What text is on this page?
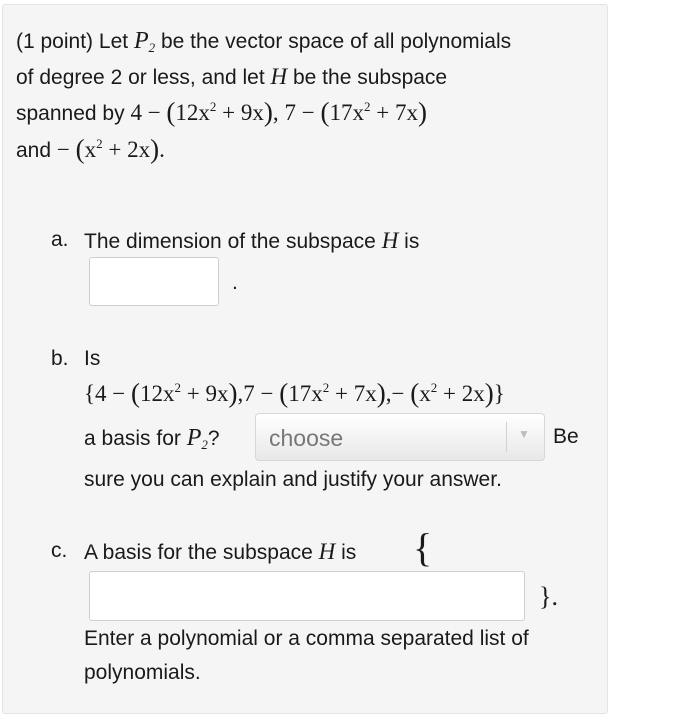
(1 point) Let $P_2$ be the vector space of all polynomials
of degree 2 or less, and let H be the subspace
spanned by $4 - (12x^2 + 9x)$, $7 - (17x^2 + 7x)$
and − $(x^2 + 2x)$.
a. The dimension of the subspace H is
.
b. Is
$\{4 - (12x^2 + 9x),7 - (17x^2 + 7x),- (x^2 + 2x)\}$
a basis for $P_2$? choose	▼ Be
sure you can explain and justify your answer.
c. A basis for the subspace H is {
}.
Enter a polynomial or a comma separated list of
polynomials.
